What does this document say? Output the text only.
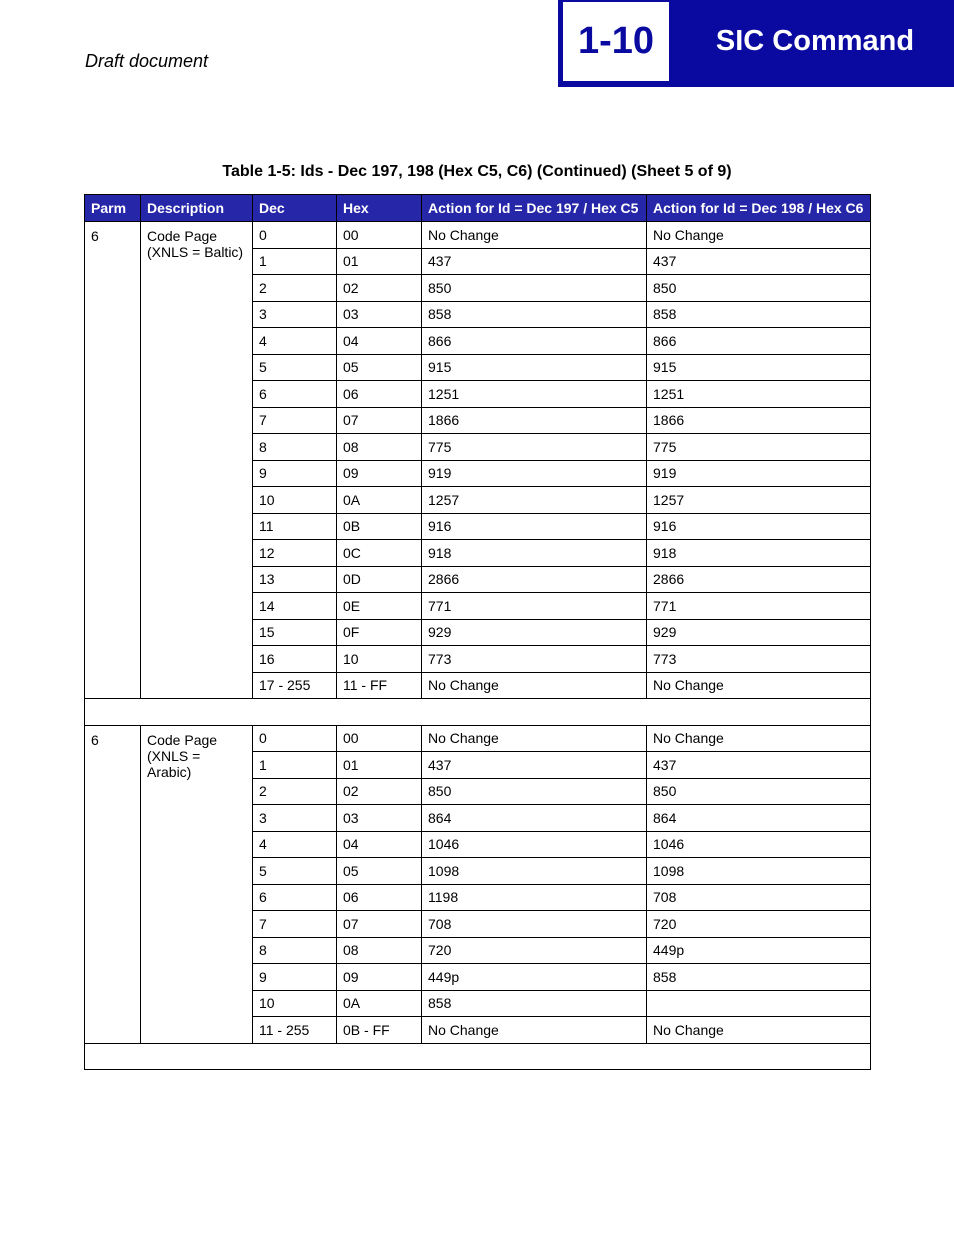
Draft document	1-10	SIC Command
Table 1-5: Ids - Dec 197, 198 (Hex C5, C6) (Continued) (Sheet 5 of 9)
Parm	Description	Dec	Hex	Action for Id = Dec 197 / Hex C5	Action for Id = Dec 198 / Hex C6
6	Code Page (XNLS = Baltic)	0	00	No Change	No Change
		1	01	437	437
		2	02	850	850
		3	03	858	858
		4	04	866	866
		5	05	915	915
		6	06	1251	1251
		7	07	1866	1866
		8	08	775	775
		9	09	919	919
		10	0A	1257	1257
		11	0B	916	916
		12	0C	918	918
		13	0D	2866	2866
		14	0E	771	771
		15	0F	929	929
		16	10	773	773
		17 - 255	11 - FF	No Change	No Change

6	Code Page (XNLS = Arabic)	0	00	No Change	No Change
		1	01	437	437
		2	02	850	850
		3	03	864	864
		4	04	1046	1046
		5	05	1098	1098
		6	06	1198	708
		7	07	708	720
		8	08	720	449p
		9	09	449p	858
		10	0A	858	
		11 - 255	0B - FF	No Change	No Change
